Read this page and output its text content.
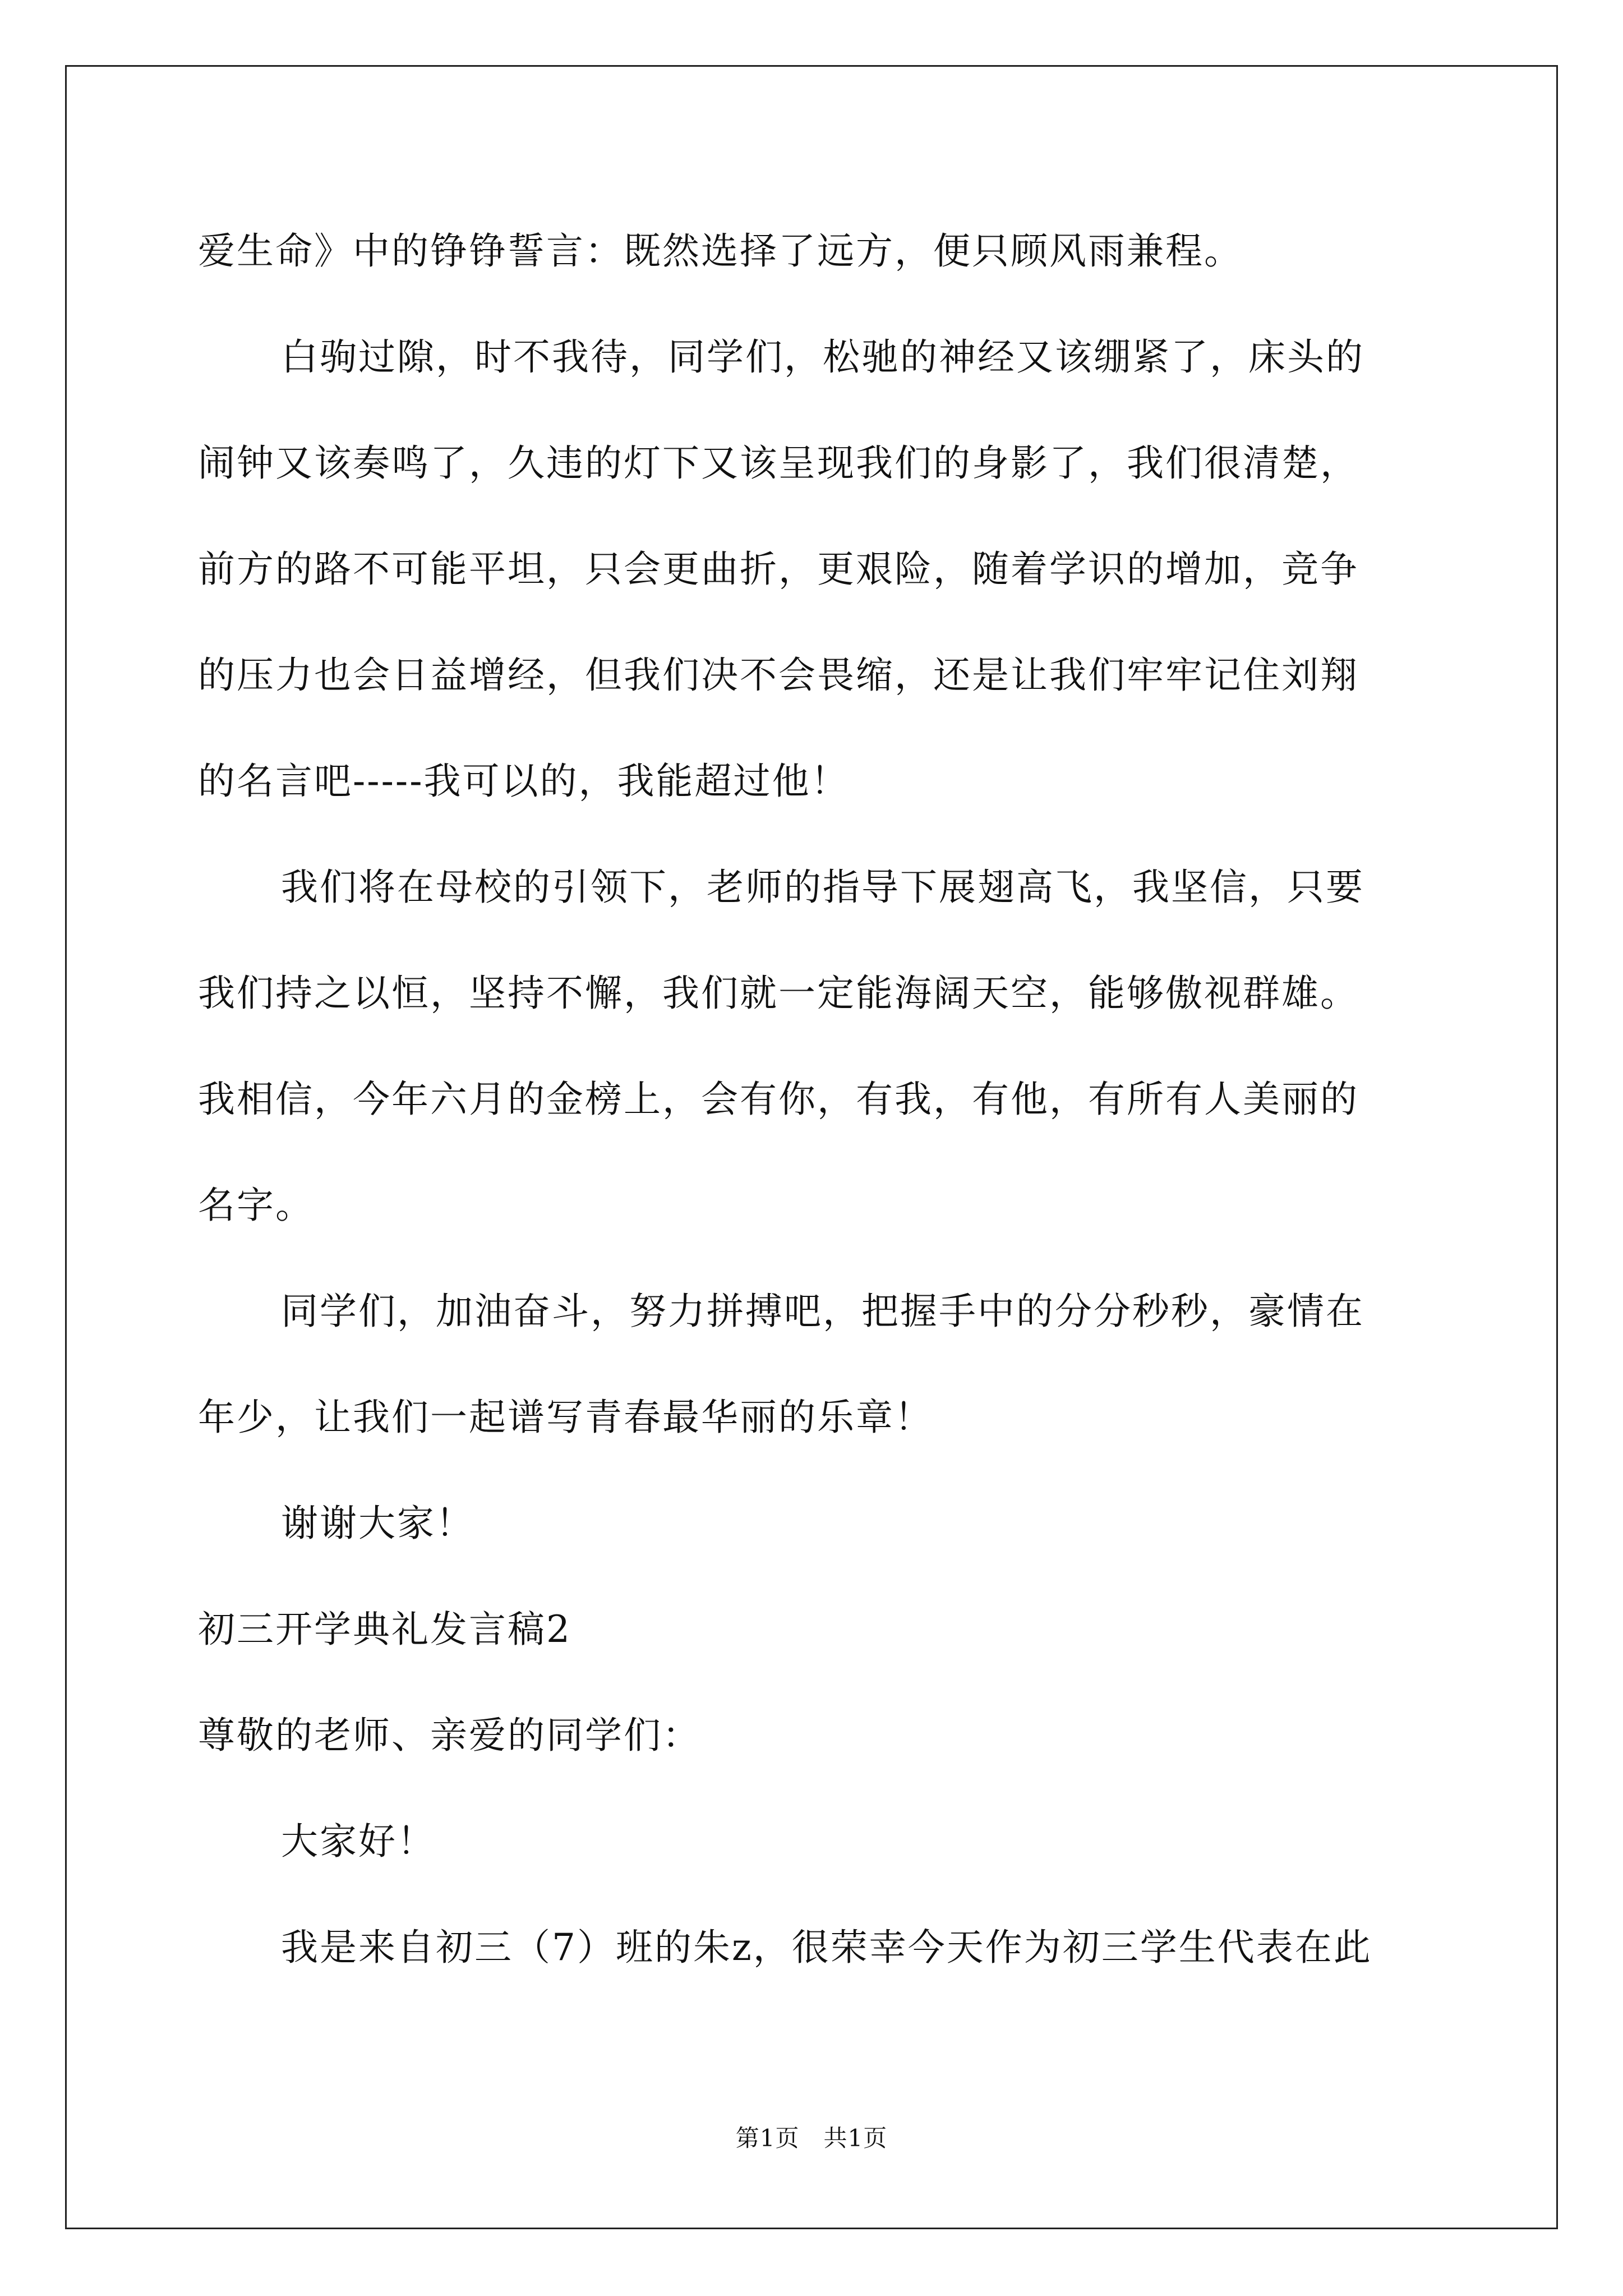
爱生命》中的铮铮誓言：既然选择了远方，便只顾风雨兼程。
白驹过隙，时不我待，同学们，松驰的神经又该绷紧了，床头的
闹钟又该奏鸣了，久违的灯下又该呈现我们的身影了，我们很清楚，
前方的路不可能平坦，只会更曲折，更艰险，随着学识的增加，竞争
的压力也会日益增经，但我们决不会畏缩，还是让我们牢牢记住刘翔
的名言吧-----我可以的，我能超过他！
我们将在母校的引领下，老师的指导下展翅高飞，我坚信，只要
我们持之以恒，坚持不懈，我们就一定能海阔天空，能够傲视群雄。
我相信，今年六月的金榜上，会有你，有我，有他，有所有人美丽的
名字。
同学们，加油奋斗，努力拼搏吧，把握手中的分分秒秒，豪情在
年少，让我们一起谱写青春最华丽的乐章！
谢谢大家！
初三开学典礼发言稿2
尊敬的老师、亲爱的同学们：
大家好！
我是来自初三（7）班的朱z，很荣幸今天作为初三学生代表在此
第1页　共1页
